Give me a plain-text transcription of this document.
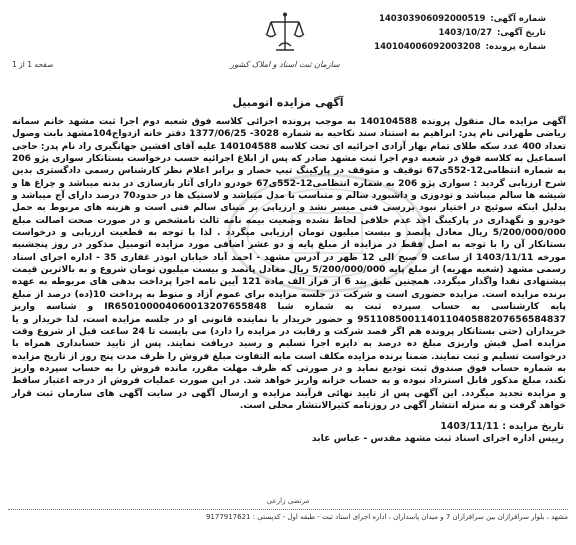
شماره آگهی: 140303906092000519
تاریخ آگهی: 1403/10/27
شماره پرونده: 140104006092003208
سازمان ثبت اسناد و املاک کشور
صفحه 1 از 1
آگهی مزایده اتومبیل

آگهی مزایده مال منقول پرونده 140104588 به موجب پرونده اجرائی کلاسه فوق شعبه دوم اجرا ثبت مشهد خانم سمانه ریاضی طهرانی نام پدر: ابراهیم به استناد سند نکاحیه به شماره 3028- 1377/06/25 دفتر خانه ازدواج104مشهد بابت وصول تعداد 400 عدد سکه طلای تمام بهار آزادی اجرائیه ای تحت کلاسه 140104588 علیه آقای افشین جهانگیری راد نام پدر: حاجی اسماعیل به کلاسه فوق در شعبه دوم اجرا ثبت مشهد صادر که پس از ابلاغ اجرائیه حسب درخواست بستانکار سواری پژو 206 به شماره انتظامی12-552ی67 توقیف و متوقف در پارکینگ تیپ حصار و برابر اعلام نظر کارشناس رسمی دادگستری بدین شرح ارزیابی گردید : سواری پژو 206 به شماره انتظامی12-552ی67 خودرو دارای آثار بازسازی در بدنه میباشد و چراغ ها و شیشه ها سالم میباشد و تودوزی و داشبورد سالم و متناسب با مدل میباشد و لاستیک ها در حدود70 درصد دارای آج میباشد و بدلیل اینکه سوئیچ در اختیار نبود بررسی فنی میسر نشد و ارزیابی بر مبنای سالم فنی است و هزینه های مربوط به حمل خودرو و نگهداری در پارکینگ اخذ عدم خلافی لحاظ نشده وضعیت بیمه نامه ثالث نامشخص و در صورت صحت اصالت مبلغ 5/200/000/000 ریال معادل پانصد و بیست میلیون تومان ارزیابی میگردد . لذا با توجه به قطعیت ارزیابی و درخواست بستانکار آن را با توجه به اصل فقط در مزایده از مبلغ پایه و دو عشر اضافی مورد مزایده اتومبیل مذکور در روز پنجشنبه مورخه 1403/11/11 از ساعت 9 صبح الی 12 ظهر در آدرس مشهد - احمد آباد خیابان ابوذر غفاری 35 - اداره اجرای اسناد رسمی مشهد (شعبه مهریه) از مبلغ پایه 5/200/000/000 ریال معادل پانصد و بیست میلیون تومان شروع و به بالاترین قیمت پیشنهادی نقدا واگذار میگردد. همچنین طبق بند 6 از فراز الف ماده 121 آیین نامه اجرا پرداخت بدهی های مربوطه به عهده برنده مزایده است. مزایده حضوری است و شرکت در جلسه مزایده برای عموم آزاد و منوط به پرداخت 10(ده) درصد از مبلغ پایه کارشناسی به حساب سپرده ثبت به شماره شبا IR650100004060013207655848 و شناسه واریز 951108500114011040588207656584837 و حضور خریدار یا نماینده قانونی او در جلسه مزایده است، لذا خریدار و یا خریداران (حتی بستانکار پرونده هم اگر قصد شرکت و رقابت در مزایده را دارد) می بایست تا 24 ساعت قبل از شروع وقت مزایده اصل فیش واریزی مبلغ ده درصد به دایره اجرا تسلیم و رسید دریافت نمایند. پس از تایید حسابداری همراه با درخواست تسلیم و ثبت نمایند. ضمنا برنده مزایده مکلف است مابه التفاوت مبلغ فروش را ظرف مدت پنج روز از تاریخ مزایده به شماره حساب فوق صندوق ثبت تودیع نماید و در صورتی که ظرف مهلت مقرر، مانده فروش را به حساب سپرده واریز نکند، مبلغ مذکور قابل استرداد نبوده و به حساب خزانه واریز خواهد شد. در این صورت عملیات فروش از درجه اعتبار ساقط و مزایده تجدید میگردد. این آگهی پس از تایید نهائی فرآیند مزایده و ارسال آگهی در سایت آگهی های سازمان ثبت قرار خواهد گرفت و به منزله انتشار آگهی در روزنامه کثیرالانتشار محلی است.

تاریخ مزایده : 1403/11/11
رییس اداره اجرای اسناد ثبت مشهد مقدس - عباس عابد
مرتضی زارعی
مشهد ، بلوار سرافرازان بین سرافرازان 7 و میدان پاسداران ، اداره اجرای اسناد ثبت - طبقه اول - کدپستی : 9177917621
